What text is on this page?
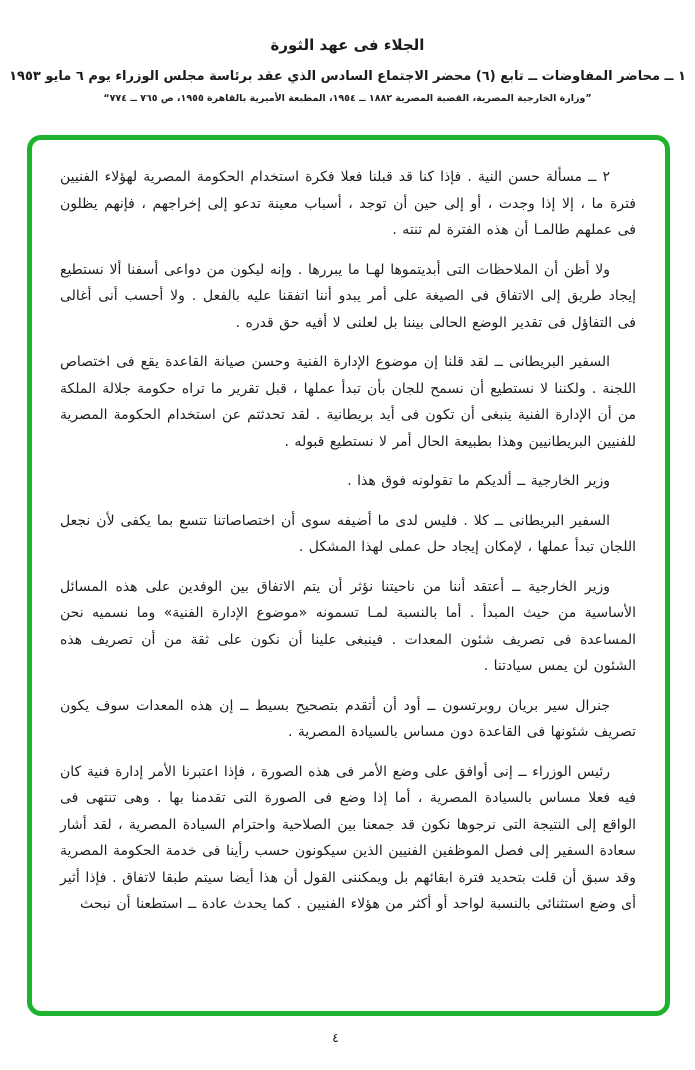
الجلاء فى عهد الثورة
١ ــ محاضر المفاوضات ــ تابع (٦) محضر الاجتماع السادس الذي عقد برئاسة مجلس الوزراء يوم ٦ مايو ١٩٥٣
”وزارة الخارجية المصرية، القضية المصرية ١٨٨٢ ــ ١٩٥٤، المطبعة الأميرية بالقاهرة ١٩٥٥، ص ٧٦٥ ــ ٧٧٤“

٢ ــ مسألة حسن النية . فإذا كنا قد قبلنا فعلا فكرة استخدام الحكومة المصرية لهؤلاء الفنيين فترة ما ، إلا إذا وجدت ، أو إلى حين أن توجد ، أسباب معينة تدعو إلى إخراجهم ، فإنهم يظلون فى عملهم طالمـا أن هذه الفترة لم تنته .

ولا أظن أن الملاحظات التى أبديتموها لهـا ما يبررها . وإنه ليكون من دواعى أسفنا ألا نستطيع إيجاد طريق إلى الاتفاق فى الصيغة على أمر يبدو أننا اتفقنا عليه بالفعل . ولا أحسب أنى أغالى فى التفاؤل فى تقدير الوضع الحالى بيننا بل لعلنى لا أفيه حق قدره .

السفير البريطانى ــ لقد قلنا إن موضوع الإدارة الفنية وحسن صيانة القاعدة يقع فى اختصاص اللجنة . ولكننا لا نستطيع أن نسمح للجان بأن تبدأ عملها ، قبل تقرير ما تراه حكومة جلالة الملكة من أن الإدارة الفنية ينبغى أن تكون فى أيد بريطانية . لقد تحدثتم عن استخدام الحكومة المصرية للفنيين البريطانيين وهذا بطبيعة الحال أمر لا نستطيع قبوله .

وزير الخارجية ــ ألديكم ما تقولونه فوق هذا .

السفير البريطانى ــ كلا . فليس لدى ما أضيفه سوى أن اختصاصاتنا تتسع بما يكفى لأن نجعل اللجان تبدأ عملها ، لإمكان إيجاد حل عملى لهذا المشكل .

وزير الخارجية ــ أعتقد أننا من ناحيتنا نؤثر أن يتم الاتفاق بين الوفدين على هذه المسائل الأساسية من حيث المبدأ . أما بالنسبة لمـا تسمونه «موضوع الإدارة الفنية» وما نسميه نحن المساعدة فى تصريف شئون المعدات . فينبغى علينا أن نكون على ثقة من أن تصريف هذه الشئون لن يمس سيادتنا .

جنرال سير بريان روبرتسون ــ أود أن أتقدم بتصحيح بسيط ــ إن هذه المعدات سوف يكون تصريف شئونها فى القاعدة دون مساس بالسيادة المصرية .

رئيس الوزراء ــ إنى أوافق على وضع الأمر فى هذه الصورة ، فإذا اعتبرنا الأمر إدارة فنية كان فيه فعلا مساس بالسيادة المصرية ، أما إذا وضع فى الصورة التى تقدمنا بها . وهى تنتهى فى الواقع إلى النتيجة التى نرجوها نكون قد جمعنا بين الصلاحية واحترام السيادة المصرية ، لقد أشار سعادة السفير إلى فصل الموظفين الفنيين الذين سيكونون حسب رأينا فى خدمة الحكومة المصرية وقد سبق أن قلت بتحديد فترة ابقائهم بل ويمكننى القول أن هذا أيضا سيتم طبقا لاتفاق . فإذا أثير أى وضع استثنائى بالنسبة لواحد أو أكثر من هؤلاء الفنيين . كما يحدث عادة ــ استطعنا أن نبحث

٤
